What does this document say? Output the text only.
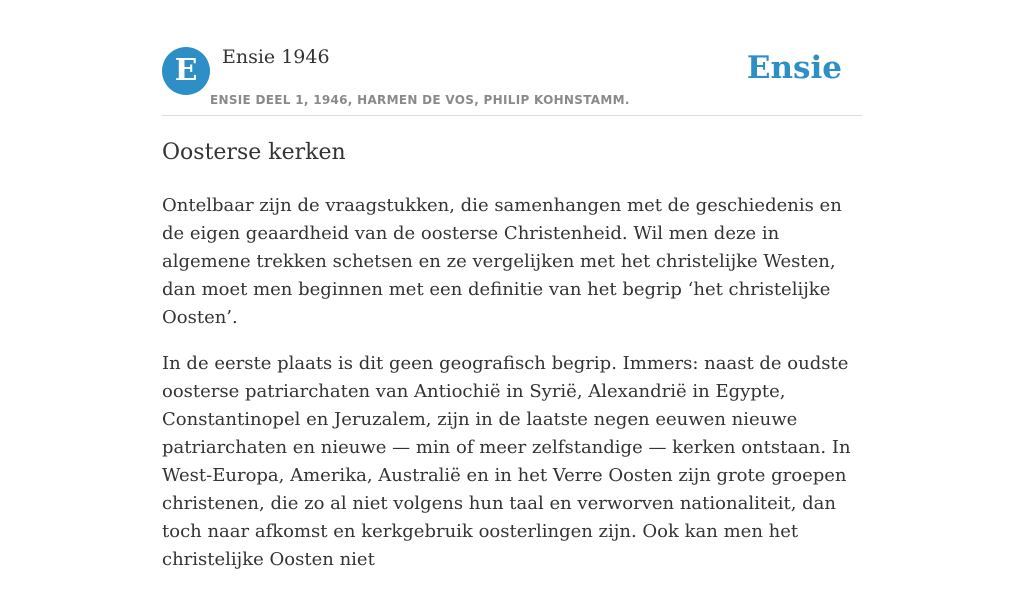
E	Ensie 1946
ENSIE DEEL 1, 1946, HARMEN DE VOS, PHILIP KOHNSTAMM.
Ensie
Oosterse kerken

Ontelbaar zijn de vraagstukken, die samenhangen met de geschiedenis en de eigen geaardheid van de oosterse Christenheid. Wil men deze in algemene trekken schetsen en ze vergelijken met het christelijke Westen, dan moet men beginnen met een definitie van het begrip ‘het christelijke Oosten’.

In de eerste plaats is dit geen geografisch begrip. Immers: naast de oudste oosterse patriarchaten van Antiochië in Syrië, Alexandrië in Egypte, Constantinopel en Jeruzalem, zijn in de laatste negen eeuwen nieuwe patriarchaten en nieuwe — min of meer zelfstandige — kerken ontstaan. In West-Europa, Amerika, Australië en in het Verre Oosten zijn grote groepen christenen, die zo al niet volgens hun taal en verworven nationaliteit, dan toch naar afkomst en kerkgebruik oosterlingen zijn. Ook kan men het christelijke Oosten niet
